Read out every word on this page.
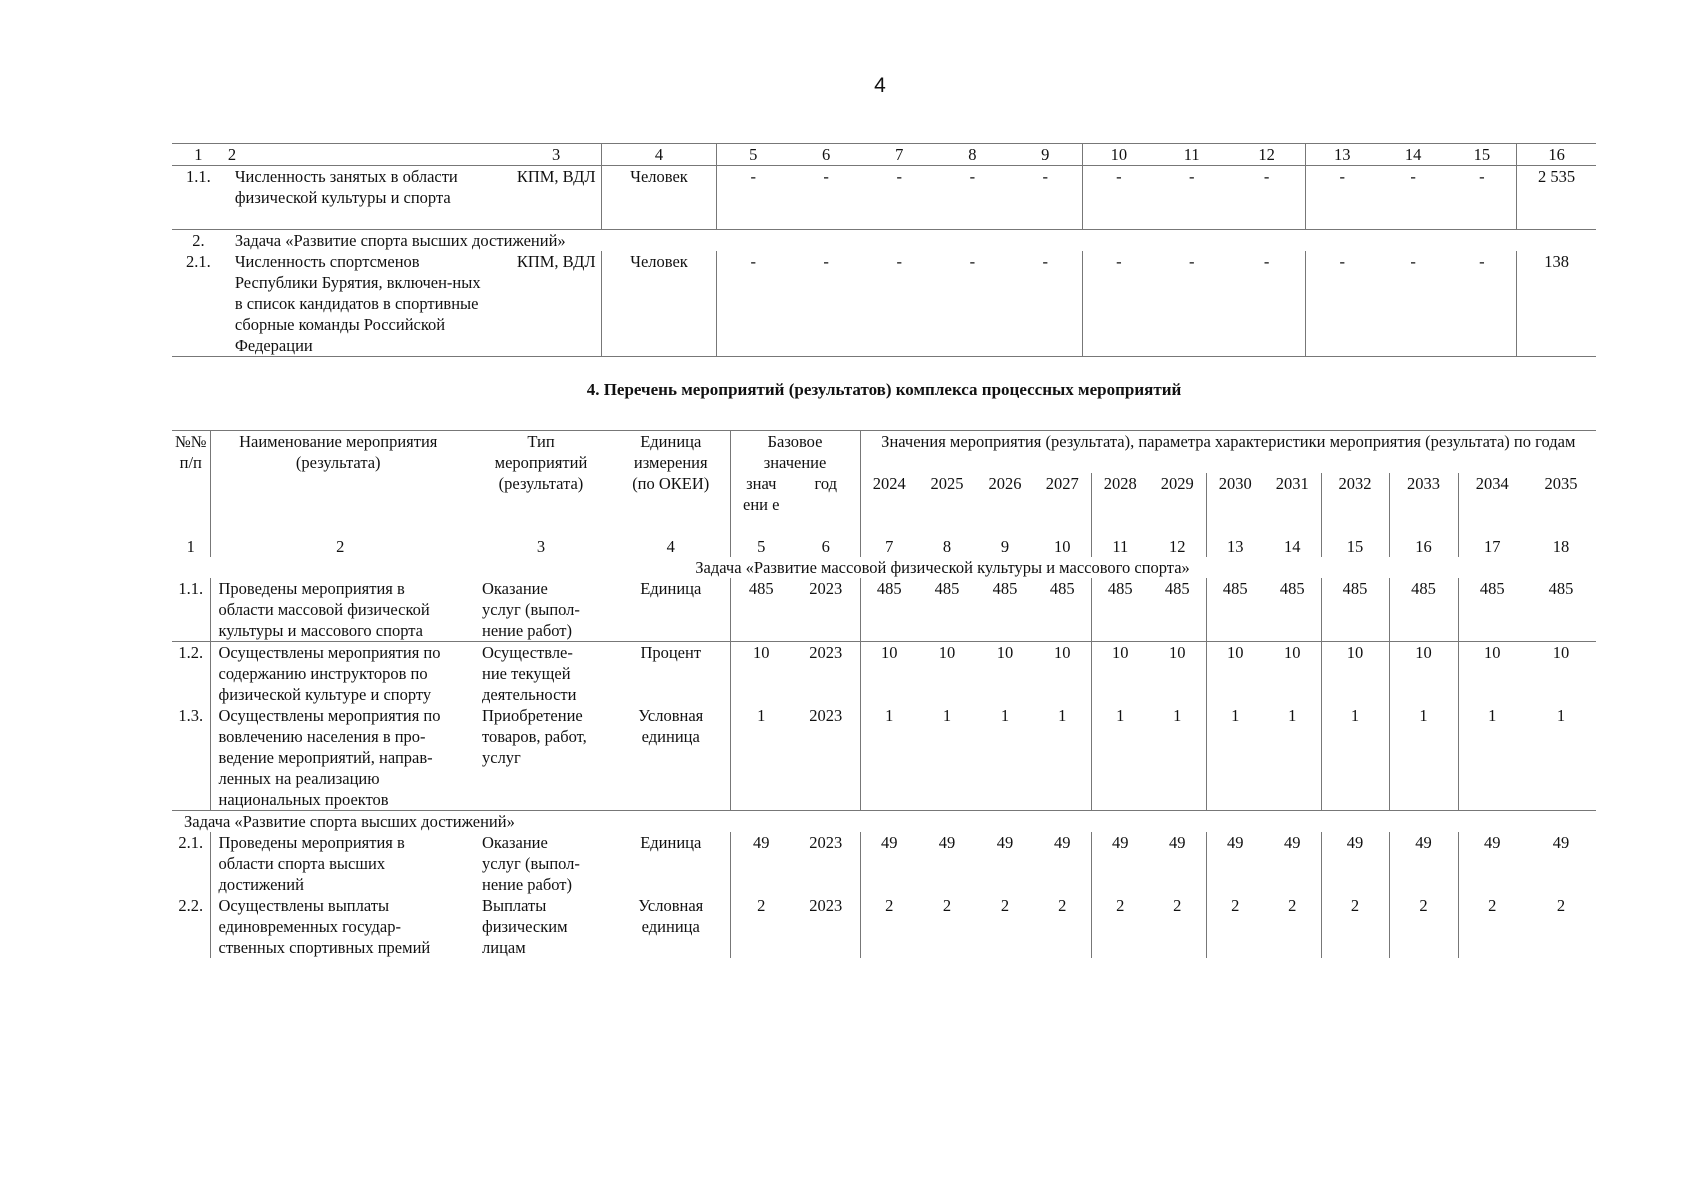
4
1	2	3	4	5	6	7	8	9	10	11	12	13	14	15	16
1.1.	Численность занятых в области физической культуры и спорта	КПМ, ВДЛ	Человек	-	-	-	-	-	-	-	-	-	-	-	2 535
2.	Задача «Развитие спорта высших достижений»														
2.1.	Численность спортсменов Республики Бурятия, включен-ных в список кандидатов в спортивные сборные команды Российской Федерации	КПМ, ВДЛ	Человек	-	-	-	-	-	-	-	-	-	-	-	138
4. Перечень мероприятий (результатов) комплекса процессных мероприятий
№№ п/п	Наименование мероприятия (результата)	Тип мероприятий (результата)	Единица измерения (по ОКЕИ)	Базовое значение		Значения мероприятия (результата), параметра характеристики мероприятия (результата) по годам											
				знач ени е	год	2024	2025	2026	2027	2028	2029	2030	2031	2032	2033	2034	2035

1	2	3	4	5	6	7	8	9	10	11	12	13	14	15	16	17	18
Задача «Развитие массовой физической культуры и массового спорта»																	
1.1.	Проведены мероприятия в области массовой физической культуры и массового спорта	Оказание услуг (выпол-нение работ)	Единица	485	2023	485	485	485	485	485	485	485	485	485	485	485	485
1.2.	Осуществлены мероприятия по содержанию инструкторов по физической культуре и спорту	Осуществле-ние текущей деятельности	Процент	10	2023	10	10	10	10	10	10	10	10	10	10	10	10
1.3.	Осуществлены мероприятия по вовлечению населения в про-ведение мероприятий, направ-ленных на реализацию национальных проектов	Приобретение товаров, работ, услуг	Условная единица	1	2023	1	1	1	1	1	1	1	1	1	1	1	1
Задача «Развитие спорта высших достижений»																	
2.1.	Проведены мероприятия в области спорта высших достижений	Оказание услуг (выпол-нение работ)	Единица	49	2023	49	49	49	49	49	49	49	49	49	49	49	49
2.2.	Осуществлены выплаты единовременных государ-ственных спортивных премий	Выплаты физическим лицам	Условная единица	2	2023	2	2	2	2	2	2	2	2	2	2	2	2
